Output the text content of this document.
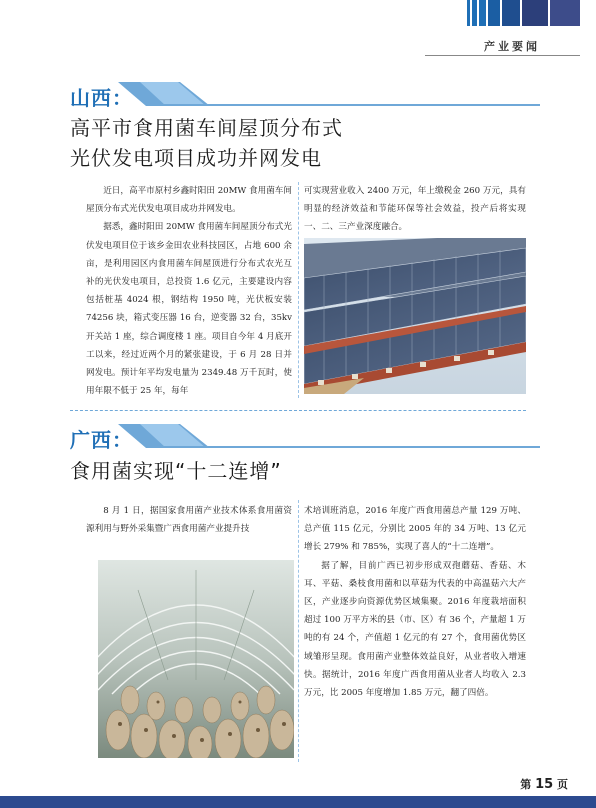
产业要闻
山西：
高平市食用菌车间屋顶分布式
光伏发电项目成功并网发电

近日，高平市原村乡鑫时阳田 20MW 食用菌车间屋顶分布式光伏发电项目成功并网发电。

据悉，鑫时阳田 20MW 食用菌车间屋顶分布式光伏发电项目位于该乡金田农业科技园区，占地 600 余亩，是利用园区内食用菌车间屋顶进行分布式农光互补的光伏发电项目，总投资 1.6 亿元，主要建设内容包括桩基 4024 根，钢结构 1950 吨，光伏板安装 74256 块，箱式变压器 16 台，逆变器 32 台，35kv 开关站 1 座，综合调度楼 1 座。项目自今年 4 月底开工以来，经过近两个月的紧张建设，于 6 月 28 日并网发电。预计年平均发电量为 2349.48 万千瓦时，使用年限不低于 25 年，每年

可实现营业收入 2400 万元，年上缴税金 260 万元，具有明显的经济效益和节能环保等社会效益，投产后将实现一、二、三产业深度融合。

广西：
食用菌实现“十二连增”

8 月 1 日，据国家食用菌产业技术体系食用菌资源利用与野外采集暨广西食用菌产业提升技

术培训班消息，2016 年度广西食用菌总产量 129 万吨、总产值 115 亿元，分别比 2005 年的 34 万吨、13 亿元增长 279% 和 785%，实现了喜人的“十二连增”。

据了解，目前广西已初步形成双孢蘑菇、香菇、木耳、平菇、桑枝食用菌和以草菇为代表的中高温菇六大产区，产业逐步向资源优势区域集聚。2016 年度栽培面积超过 100 万平方米的县（市、区）有 36 个，产量超 1 万吨的有 24 个，产值超 1 亿元的有 27 个，食用菌优势区域雏形呈现。食用菌产业整体效益良好，从业者收入增速快。据统计，2016 年度广西食用菌从业者人均收入 2.3 万元，比 2005 年度增加 1.85 万元，翻了四倍。

第 15 页
